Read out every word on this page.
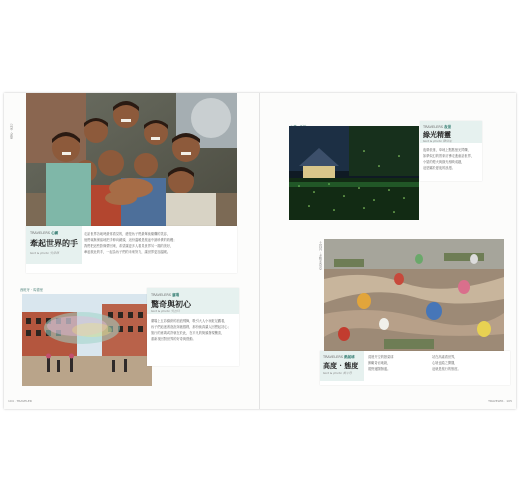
公益 · 全球
TRAVELERS 心願
牽起世界的手
text & photo 吳偉輝
走訪世界各地時最常看見的，總是孩子們最單純燦爛的笑容，
他們毫無保留地把手伸向鏡頭，這份溫暖是旅途中最珍貴的收穫；
我們把這些影像帶回來，希望讓更多人看見世界另一端的美好，
牽起彼此的手，一起為孩子們的未來努力，讓世界更加溫暖。
西班牙 · 馬德里
TRAVELERS 廣場
驚奇與初心
text & photo 吳宜玲
廣場上五彩繽紛的泡泡飛舞，吸引大人小孩駐足觀看，
孩子們追逐著泡泡奔跑嬉戲，那份純真讓人回想起初心；
旅行的意義或許就在於此，在平凡的街頭發現驚喜，
重新找回對世界的好奇與感動。
104 · TRAVELER
TRAVELERS 夜景
綠光精靈
text & photo 陳信宏
夜幕低垂，草地上點點螢光閃爍，
如夢似幻的景象彷彿走進童話世界，
小屋的燈火與綠光相映成趣，
這是屬於夏夜的浪漫。
土耳其 · 卡帕多奇亞
TRAVELERS 熱氣球
高度 · 態度
text & photo 黃宇恩
清晨升空的熱氣球
俯瞰奇岩地貌，
視野遼闊無邊。
站在高處看世界，
心境也隨之開闊，
這就是旅行的態度。
TRAVELER · 105
